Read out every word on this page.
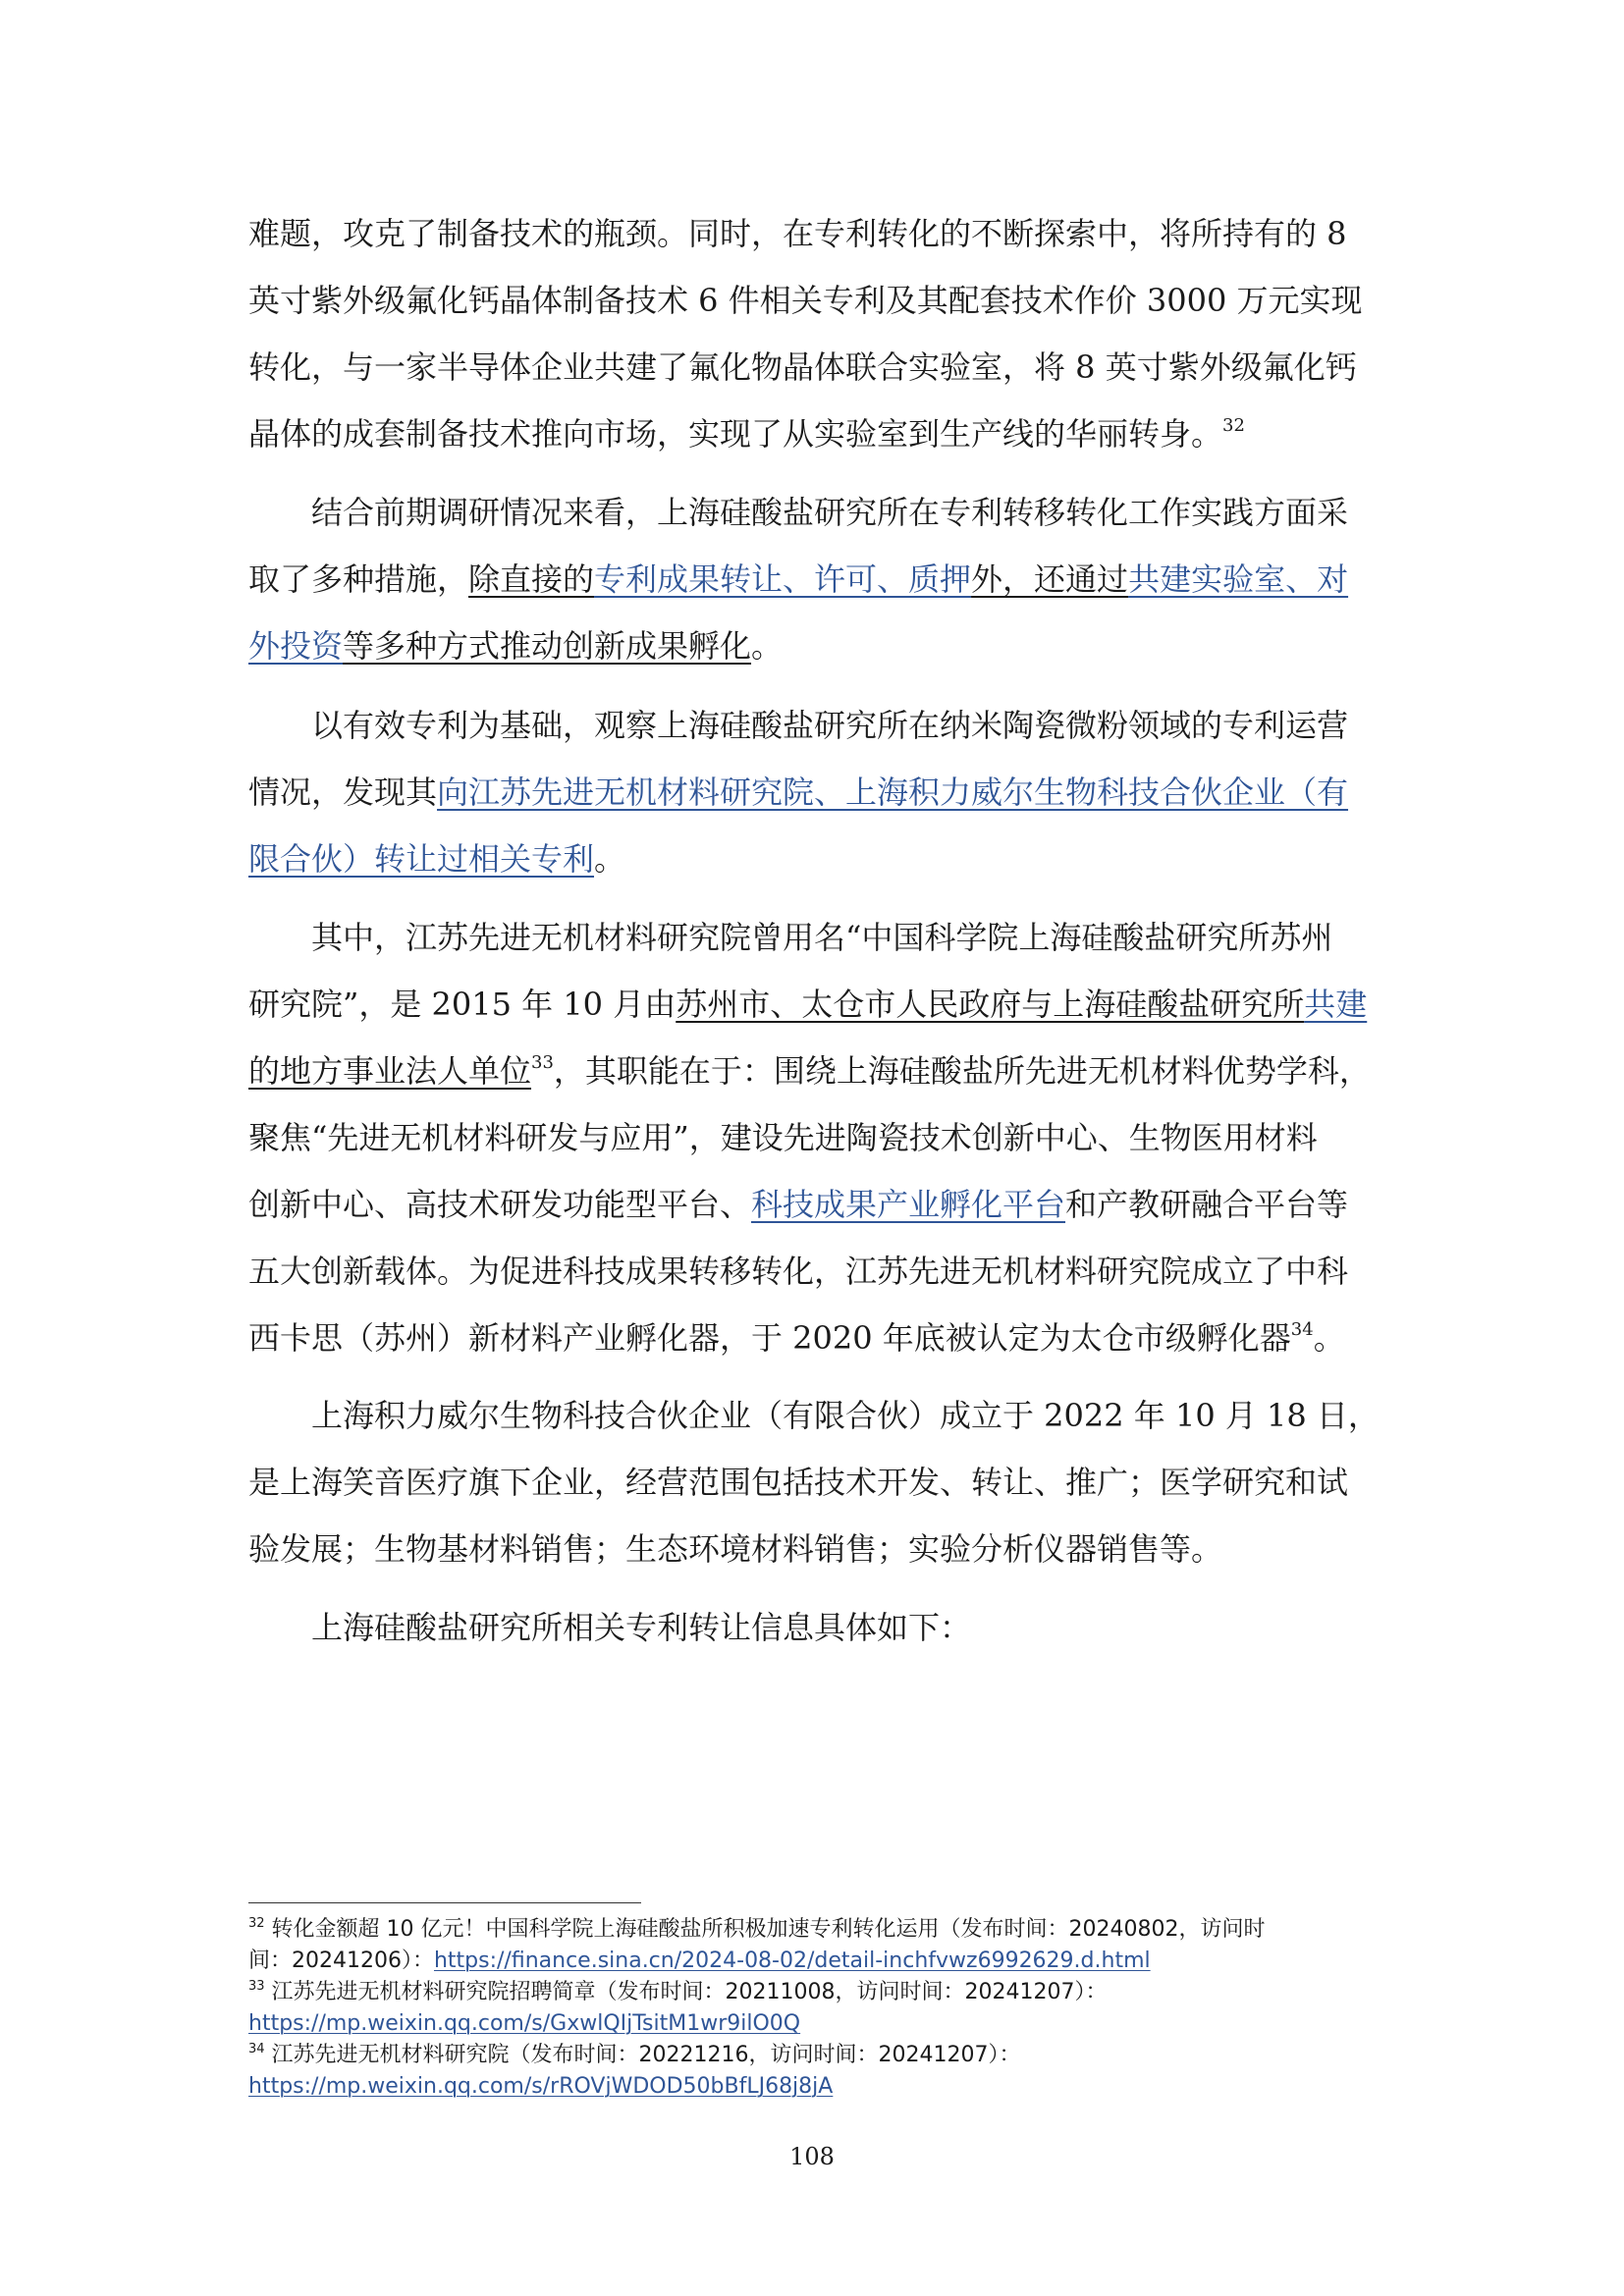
难题，攻克了制备技术的瓶颈。同时，在专利转化的不断探索中，将所持有的 8
英寸紫外级氟化钙晶体制备技术 6 件相关专利及其配套技术作价 3000 万元实现
转化，与一家半导体企业共建了氟化物晶体联合实验室，将 8 英寸紫外级氟化钙
晶体的成套制备技术推向市场，实现了从实验室到生产线的华丽转身。$^{32}$
结合前期调研情况来看，上海硅酸盐研究所在专利转移转化工作实践方面采
取了多种措施，除直接的专利成果转让、许可、质押外，还通过共建实验室、对
外投资等多种方式推动创新成果孵化。
以有效专利为基础，观察上海硅酸盐研究所在纳米陶瓷微粉领域的专利运营
情况，发现其向江苏先进无机材料研究院、上海积力威尔生物科技合伙企业（有
限合伙）转让过相关专利。
其中，江苏先进无机材料研究院曾用名“中国科学院上海硅酸盐研究所苏州
研究院”，是 2015 年 10 月由苏州市、太仓市人民政府与上海硅酸盐研究所共建
的地方事业法人单位$^{33}$，其职能在于：围绕上海硅酸盐所先进无机材料优势学科，
聚焦“先进无机材料研发与应用”，建设先进陶瓷技术创新中心、生物医用材料
创新中心、高技术研发功能型平台、科技成果产业孵化平台和产教研融合平台等
五大创新载体。为促进科技成果转移转化，江苏先进无机材料研究院成立了中科
西卡思（苏州）新材料产业孵化器，于 2020 年底被认定为太仓市级孵化器$^{34}$。
上海积力威尔生物科技合伙企业（有限合伙）成立于 2022 年 10 月 18 日，
是上海笑音医疗旗下企业，经营范围包括技术开发、转让、推广；医学研究和试
验发展；生物基材料销售；生态环境材料销售；实验分析仪器销售等。
上海硅酸盐研究所相关专利转让信息具体如下：
$^{32}$ 转化金额超 10 亿元！中国科学院上海硅酸盐所积极加速专利转化运用（发布时间：20240802，访问时
间：20241206）：https://finance.sina.cn/2024-08-02/detail-inchfvwz6992629.d.html
$^{33}$ 江苏先进无机材料研究院招聘简章（发布时间：20211008，访问时间：20241207）：
https://mp.weixin.qq.com/s/GxwlQIjTsitM1wr9ilO0Q
$^{34}$ 江苏先进无机材料研究院（发布时间：20221216，访问时间：20241207）：
https://mp.weixin.qq.com/s/rROVjWDOD50bBfLJ68j8jA
108
